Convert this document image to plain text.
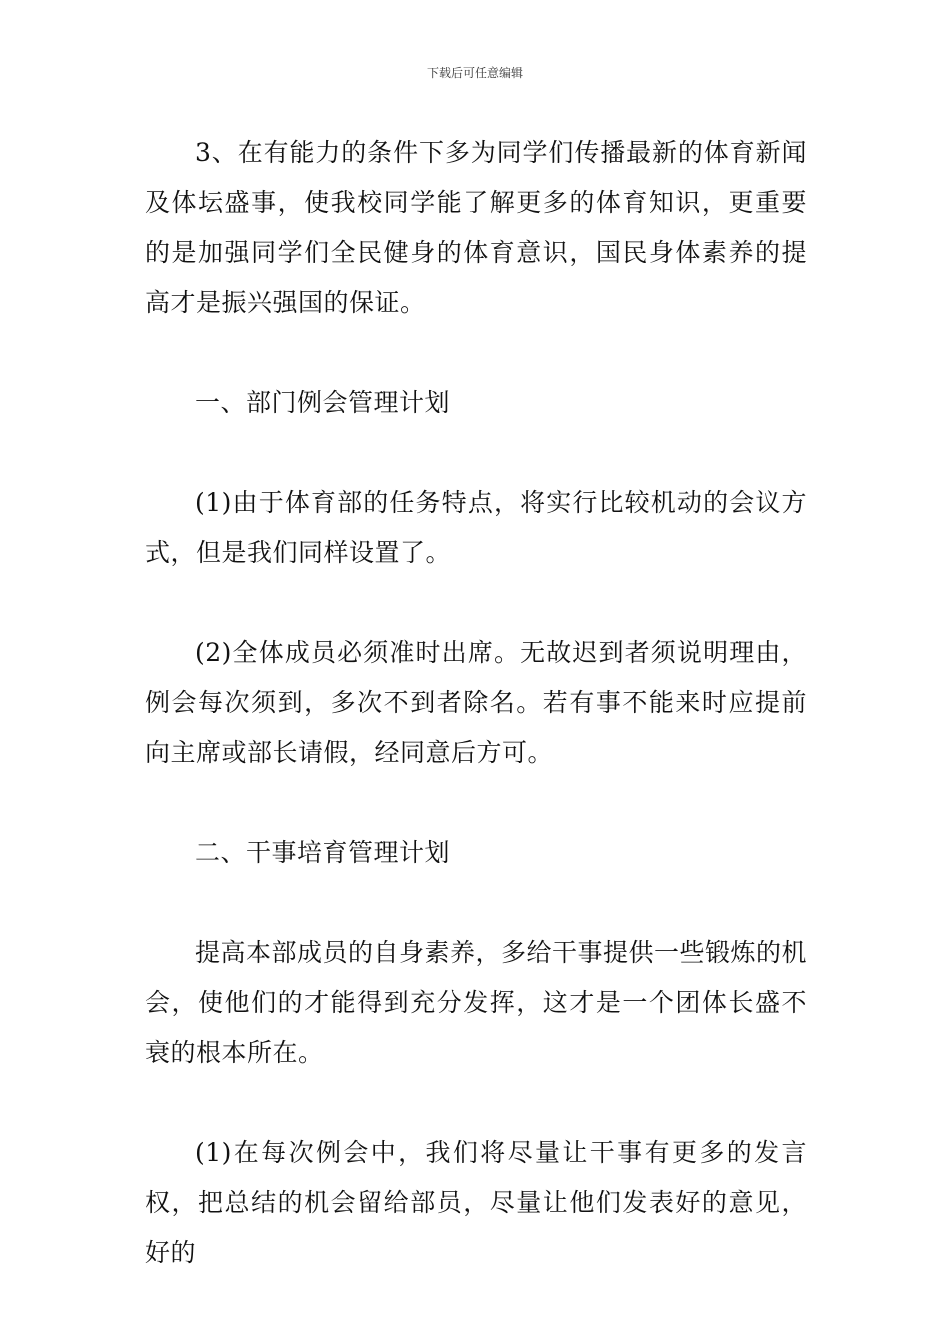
下载后可任意编辑

3、在有能力的条件下多为同学们传播最新的体育新闻及体坛盛事，使我校同学能了解更多的体育知识，更重要的是加强同学们全民健身的体育意识，国民身体素养的提高才是振兴强国的保证。

一、部门例会管理计划

(1)由于体育部的任务特点，将实行比较机动的会议方式，但是我们同样设置了。

(2)全体成员必须准时出席。无故迟到者须说明理由，例会每次须到，多次不到者除名。若有事不能来时应提前向主席或部长请假，经同意后方可。

二、干事培育管理计划

提高本部成员的自身素养，多给干事提供一些锻炼的机会，使他们的才能得到充分发挥，这才是一个团体长盛不衰的根本所在。

(1)在每次例会中，我们将尽量让干事有更多的发言权，把总结的机会留给部员，尽量让他们发表好的意见，好的
